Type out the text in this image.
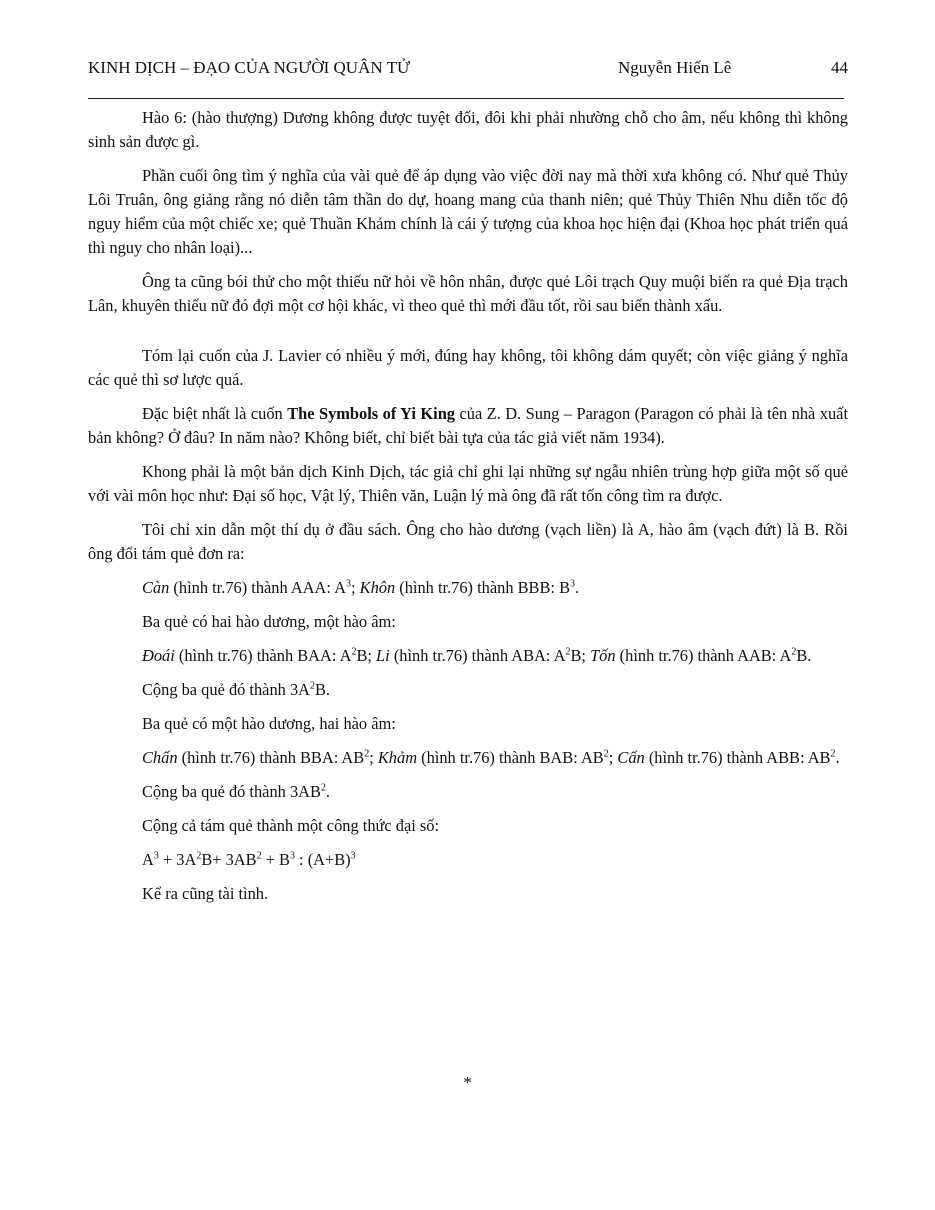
KINH DỊCH – ĐẠO CỦA NGƯỜI QUÂN TỬ	Nguyễn Hiến Lê	44

Hào 6: (hào thượng) Dương không được tuyệt đối, đôi khi phải nhường chỗ cho âm, nếu không thì không sinh sản được gì.

Phần cuối ông tìm ý nghĩa của vài quẻ để áp dụng vào việc đời nay mà thời xưa không có. Như quẻ Thủy Lôi Truân, ông giảng rằng nó diễn tâm thần do dự, hoang mang của thanh niên; quẻ Thủy Thiên Nhu diễn tốc độ nguy hiểm của một chiếc xe; quẻ Thuần Khảm chính là cái ý tượng của khoa học hiện đại (Khoa học phát triển quá thì nguy cho nhân loại)...

Ông ta cũng bói thử cho một thiếu nữ hỏi về hôn nhân, được quẻ Lôi trạch Quy muội biến ra quẻ Địa trạch Lân, khuyên thiếu nữ đó đợi một cơ hội khác, vì theo quẻ thì mới đầu tốt, rồi sau biến thành xấu.

Tóm lại cuốn của J. Lavier có nhiều ý mới, đúng hay không, tôi không dám quyết; còn việc giảng ý nghĩa các quẻ thì sơ lược quá.

Đặc biệt nhất là cuốn The Symbols of Yi King của Z. D. Sung – Paragon (Paragon có phải là tên nhà xuất bản không? Ở đâu? In năm nào? Không biết, chỉ biết bài tựa của tác giả viết năm 1934).

Khong phải là một bản dịch Kinh Dịch, tác giả chỉ ghi lại những sự ngẫu nhiên trùng hợp giữa một số quẻ với vài môn học như: Đại số học, Vật lý, Thiên văn, Luận lý mà ông đã rất tốn công tìm ra được.

Tôi chỉ xin dẫn một thí dụ ở đầu sách. Ông cho hào dương (vạch liền) là A, hào âm (vạch đứt) là B. Rồi ông đổi tám quẻ đơn ra:

Càn (hình tr.76) thành AAA: $A^3$; Khôn (hình tr.76) thành BBB: $B^3$.

Ba quẻ có hai hào dương, một hào âm:

Đoái (hình tr.76) thành BAA: $A^2B$; Li (hình tr.76) thành ABA: $A^2B$; Tốn (hình tr.76) thành AAB: $A^2B$.

Cộng ba quẻ đó thành $3A^2B$.

Ba quẻ có một hào dương, hai hào âm:

Chấn (hình tr.76) thành BBA: $AB^2$; Khảm (hình tr.76) thành BAB: $AB^2$; Cấn (hình tr.76) thành ABB: $AB^2$.

Cộng ba quẻ đó thành $3AB^2$.

Cộng cả tám quẻ thành một công thức đại số:

$A^3 + 3A^2B+ 3AB^2 + B^3$ : $(A+B)^3$

Kể ra cũng tài tình.

*
